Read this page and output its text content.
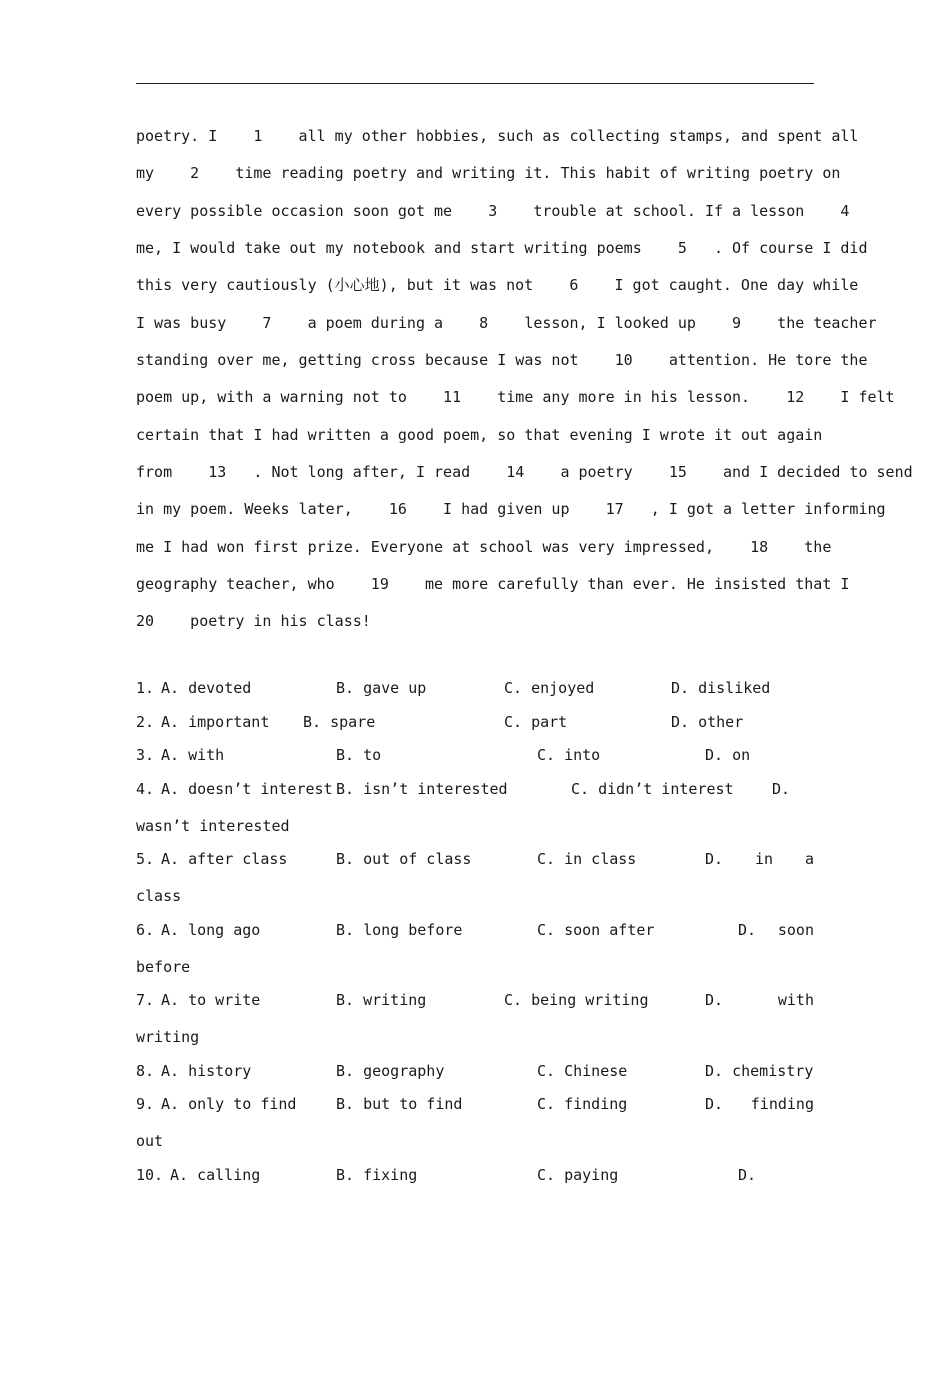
poetry. I    1    all my other hobbies, such as collecting stamps, and spent all
my    2    time reading poetry and writing it. This habit of writing poetry on
every possible occasion soon got me    3    trouble at school. If a lesson    4
me, I would take out my notebook and start writing poems    5   . Of course I did
this very cautiously (小心地), but it was not    6    I got caught. One day while
I was busy    7    a poem during a    8    lesson, I looked up    9    the teacher
standing over me, getting cross because I was not    10    attention. He tore the
poem up, with a warning not to    11    time any more in his lesson.    12    I felt
certain that I had written a good poem, so that evening I wrote it out again
from    13   . Not long after, I read    14    a poetry    15    and I decided to send
in my poem. Weeks later,    16    I had given up    17   , I got a letter informing
me I had won first prize. Everyone at school was very impressed,    18    the
geography teacher, who    19    me more carefully than ever. He insisted that I
20    poetry in his class!

1.

A. devoted

	B. gave up

	C. enjoyed

	D. disliked

2.

A. important

B. spare

	C. part

	D. other

3.

A. with

	B. to

	C. into

	D. on

4.

A. doesn’t interest

B. isn’t interested

	C. didn’t interest

	D.

wasn’t interested

5.

A. after class

	B. out of class

	C. in class

	D. in a

class

6.

A. long ago

	B. long before

	C. soon after

	D. soon

before

7.

A. to write

	B. writing

	C. being writing

	D.	with

writing

8.

A. history

	B. geography

	C. Chinese

	D. chemistry

9.

A. only to find

	B. but to find

	C. finding

	D. finding

out

10.

A. calling

	B. fixing

	C. paying

	D.
